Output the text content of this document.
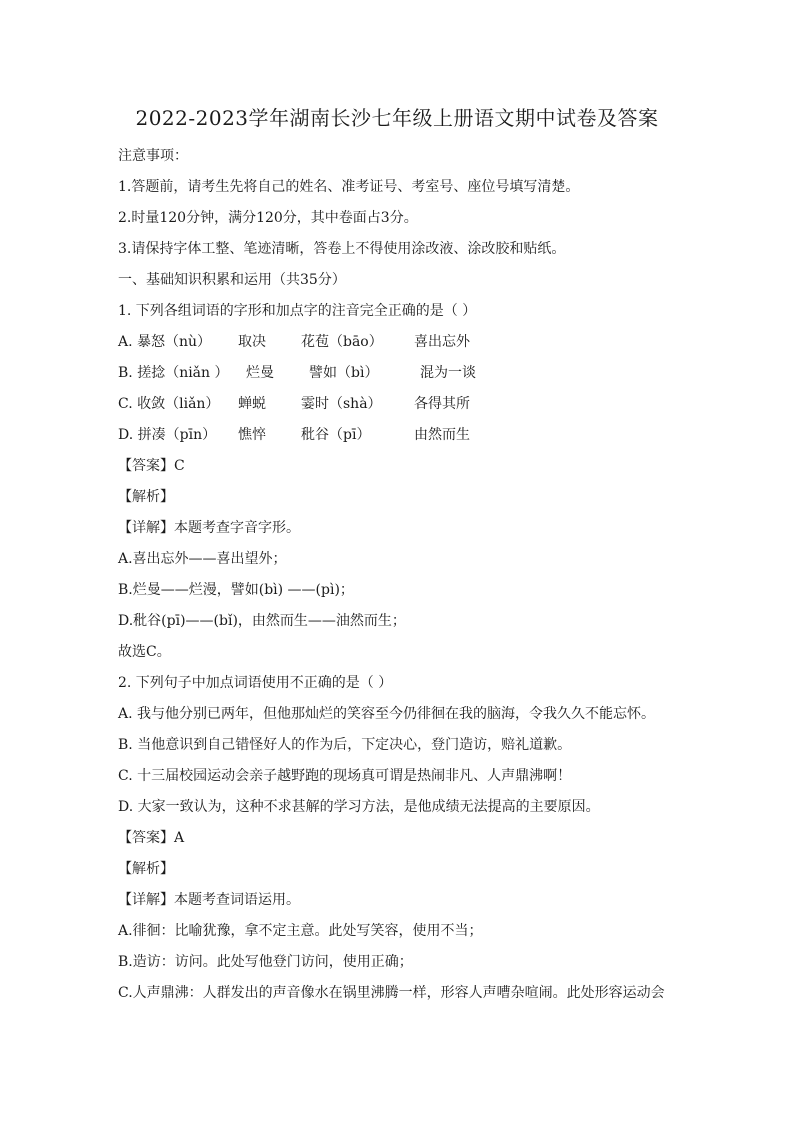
2022-2023学年湖南长沙七年级上册语文期中试卷及答案
注意事项：
1.答题前，请考生先将自己的姓名、准考证号、考室号、座位号填写清楚。
2.时量120分钟，满分120分，其中卷面占3分。
3.请保持字体工整、笔迹清晰，答卷上不得使用涂改液、涂改胶和贴纸。
一、基础知识积累和运用（共35分）
1. 下列各组词语的字形和加点字的注音完全正确的是（ ）
A. 暴怒（nù） 取决	花苞（bāo） 喜出忘外
B. 搓捻（niǎn ） 烂曼	譬如（bì）	混为一谈
C. 收敛（liǎn） 蝉蜕	霎时（shà） 各得其所
D. 拼凑（pīn） 憔悴	秕谷（pī）	由然而生
【答案】C
【解析】
【详解】本题考查字音字形。
A.喜出忘外——喜出望外；
B.烂曼——烂漫，譬如(bì) ——(pì)；
D.秕谷(pī)——(bǐ)，由然而生——油然而生；
故选C。
2. 下列句子中加点词语使用不正确的是（ ）
A. 我与他分别已两年，但他那灿烂的笑容至今仍徘徊在我的脑海，令我久久不能忘怀。
B. 当他意识到自己错怪好人的作为后，下定决心，登门造访，赔礼道歉。
C. 十三届校园运动会亲子越野跑的现场真可谓是热闹非凡、人声鼎沸啊！
D. 大家一致认为，这种不求甚解的学习方法，是他成绩无法提高的主要原因。
【答案】A
【解析】
【详解】本题考查词语运用。
A.徘徊：比喻犹豫，拿不定主意。此处写笑容，使用不当；
B.造访：访问。此处写他登门访问，使用正确；
C.人声鼎沸：人群发出的声音像水在锅里沸腾一样，形容人声嘈杂喧闹。此处形容运动会
